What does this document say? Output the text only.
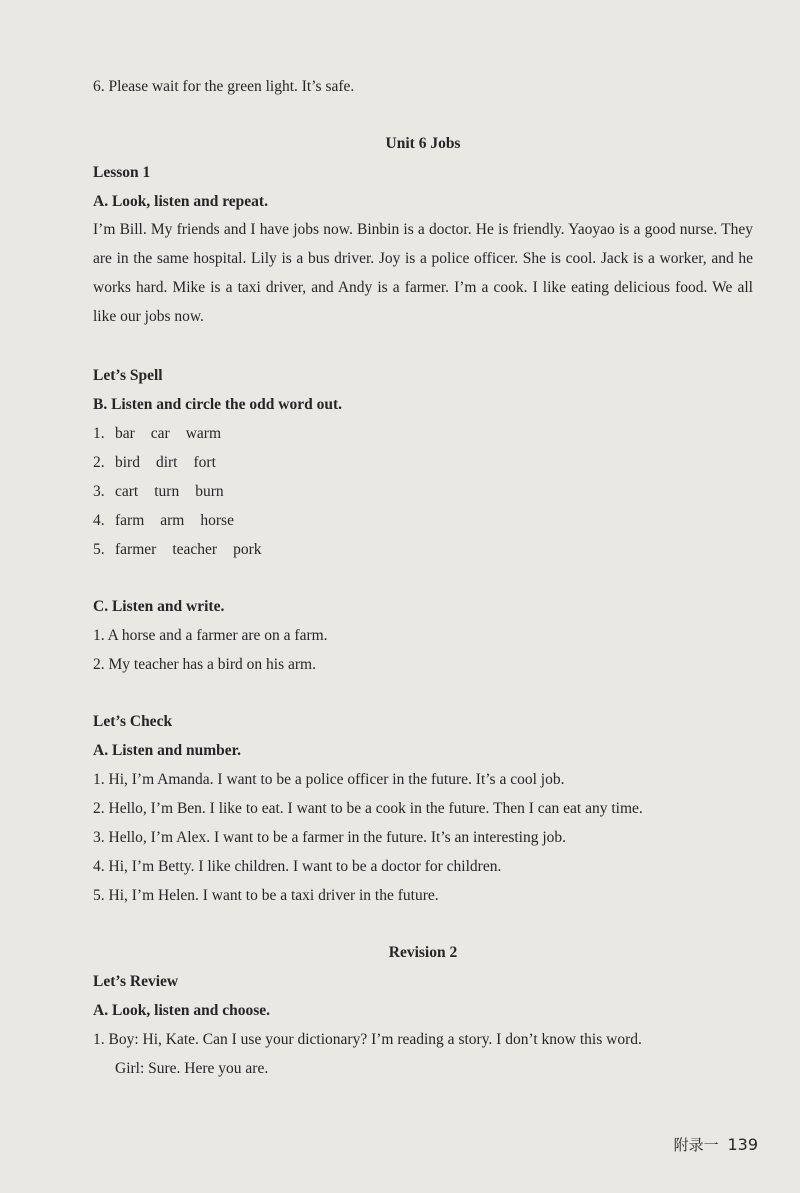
6. Please wait for the green light. It’s safe.
Unit 6 Jobs
Lesson 1
A. Look, listen and repeat.
I’m Bill. My friends and I have jobs now. Binbin is a doctor. He is friendly. Yaoyao is a good nurse. They are in the same hospital. Lily is a bus driver. Joy is a police officer. She is cool. Jack is a worker, and he works hard. Mike is a taxi driver, and Andy is a farmer. I’m a cook. I like eating delicious food. We all like our jobs now.
Let’s Spell
B. Listen and circle the odd word out.
1. bar car warm
2. bird dirt fort
3. cart turn burn
4. farm arm horse
5. farmer teacher pork
C. Listen and write.
1. A horse and a farmer are on a farm.
2. My teacher has a bird on his arm.
Let’s Check
A. Listen and number.
1. Hi, I’m Amanda. I want to be a police officer in the future. It’s a cool job.
2. Hello, I’m Ben. I like to eat. I want to be a cook in the future. Then I can eat any time.
3. Hello, I’m Alex. I want to be a farmer in the future. It’s an interesting job.
4. Hi, I’m Betty. I like children. I want to be a doctor for children.
5. Hi, I’m Helen. I want to be a taxi driver in the future.
Revision 2
Let’s Review
A. Look, listen and choose.
1. Boy: Hi, Kate. Can I use your dictionary? I’m reading a story. I don’t know this word.
Girl: Sure. Here you are.
附录一 139
